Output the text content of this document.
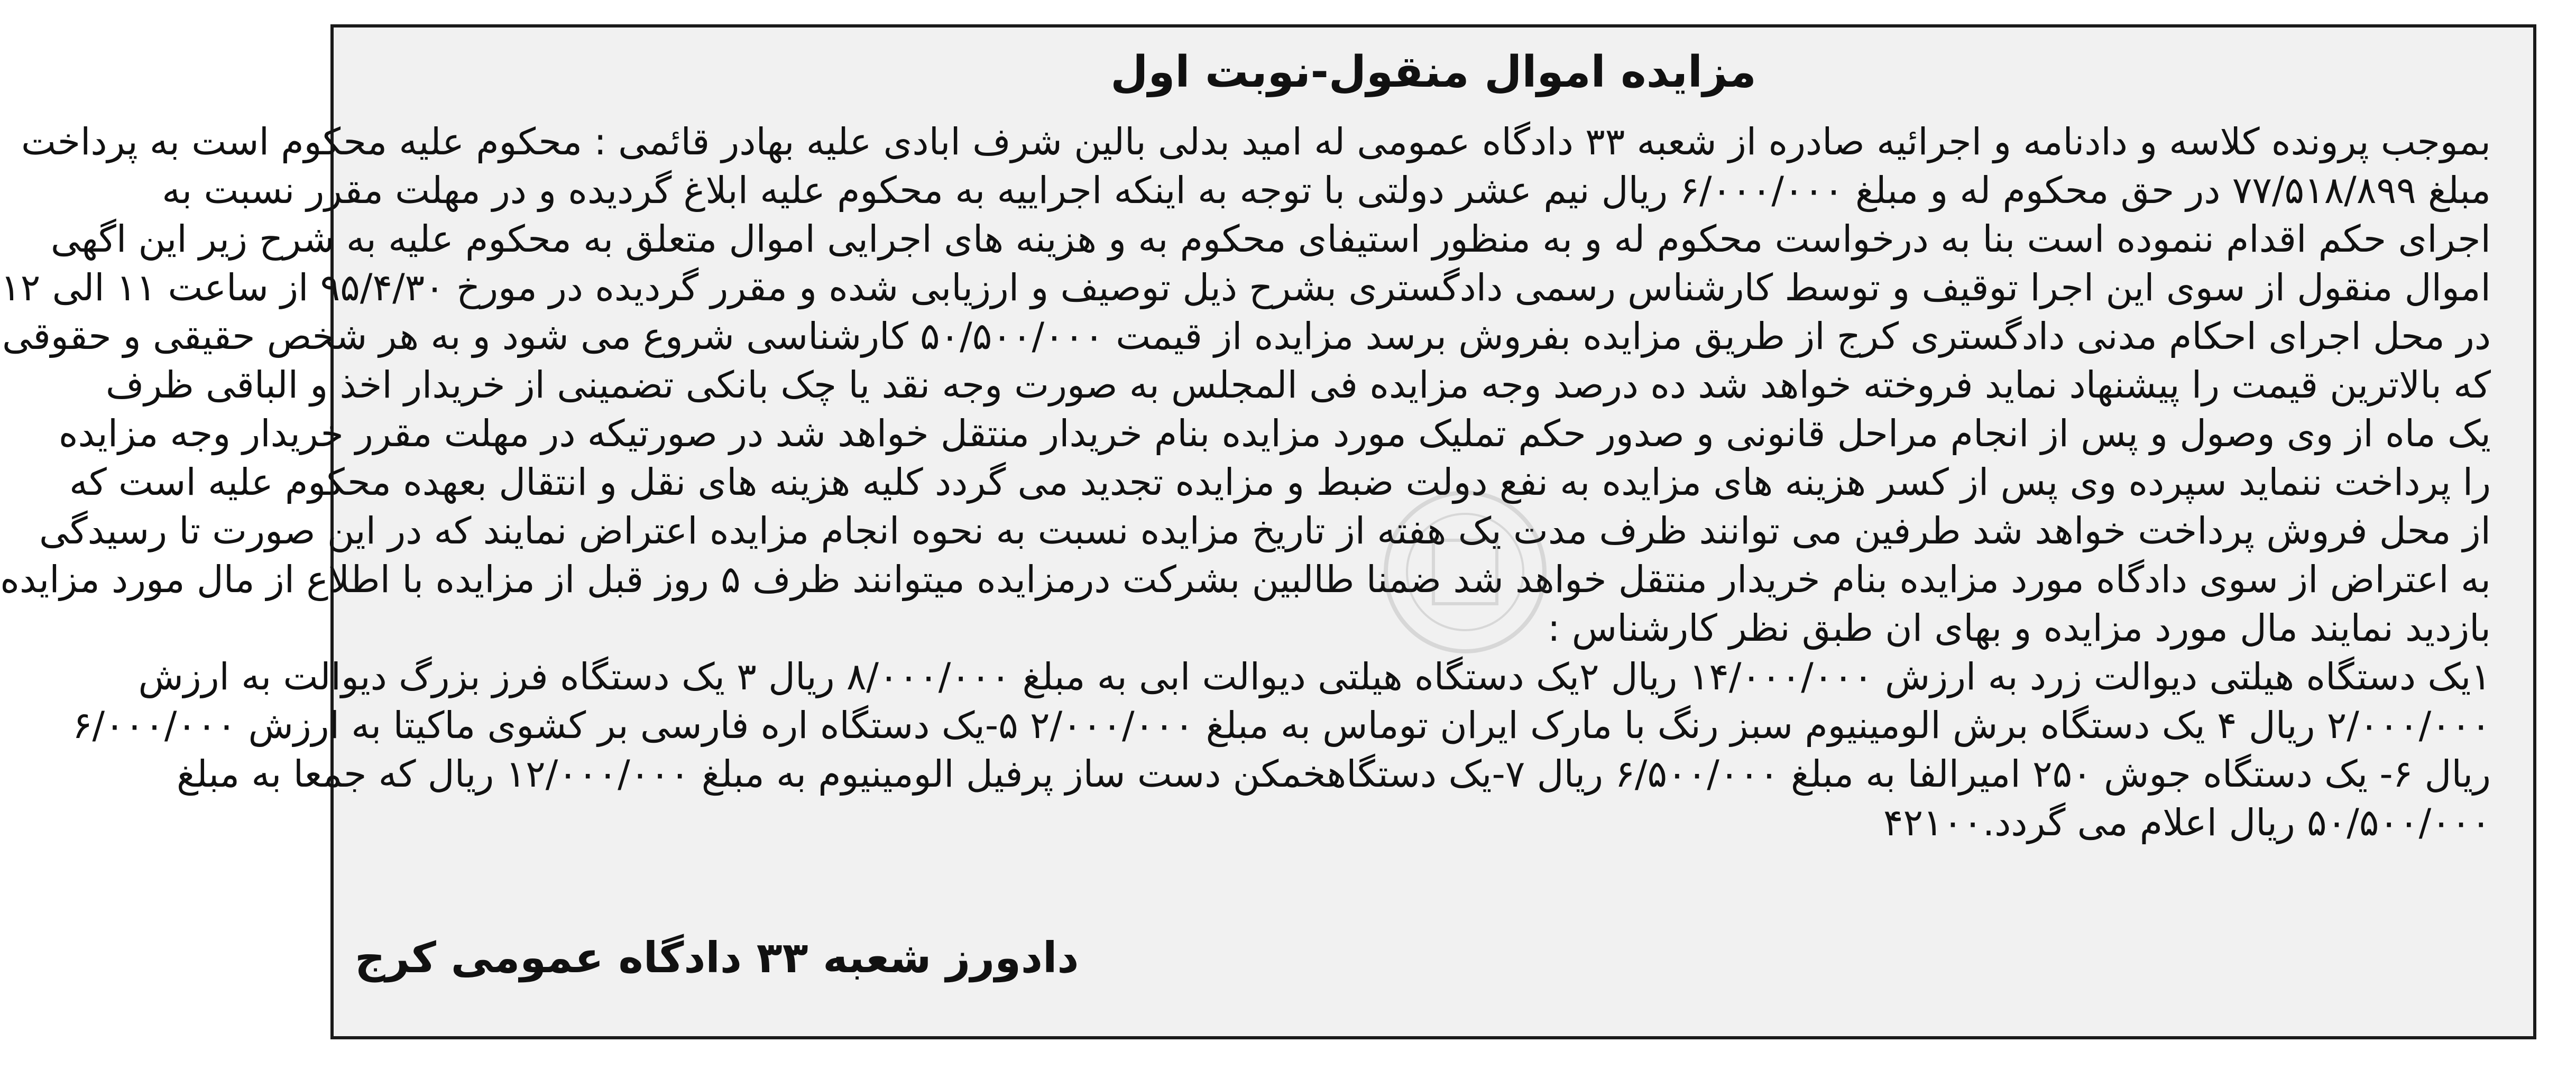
مزایده اموال منقول-نوبت اول
بموجب پرونده کلاسه و دادنامه و اجرائیه صادره از شعبه ۳۳ دادگاه عمومی له امید بدلی بالین شرف ابادی علیه بهادر قائمی : محکوم علیه محکوم است به پرداخت
مبلغ ۷۷/۵۱۸/۸۹۹ در حق محکوم له و مبلغ ۶/۰۰۰/۰۰۰ ریال نیم عشر دولتی با توجه به اینکه اجراییه به محکوم علیه ابلاغ گردیده و در مهلت مقرر نسبت به
اجرای حکم اقدام ننموده است بنا به درخواست محکوم له و به منظور استیفای محکوم به و هزینه های اجرایی اموال متعلق به محکوم علیه به شرح زیر این اگهی
اموال منقول از سوی این اجرا توقیف و توسط کارشناس رسمی دادگستری بشرح ذیل توصیف و ارزیابی شده و مقرر گردیده در مورخ ۹۵/۴/۳۰ از ساعت ۱۱ الی ۱۲
در محل اجرای احکام مدنی دادگستری کرج از طریق مزایده بفروش برسد مزایده از قیمت ۵۰/۵۰۰/۰۰۰ کارشناسی شروع می شود و به هر شخص حقیقی و حقوقی
که بالاترین قیمت را پیشنهاد نماید فروخته خواهد شد ده درصد وجه مزایده فی المجلس به صورت وجه نقد یا چک بانکی تضمینی از خریدار اخذ و الباقی ظرف
یک ماه از وی وصول و پس از انجام مراحل قانونی و صدور حکم تملیک مورد مزایده بنام خریدار منتقل خواهد شد در صورتیکه در مهلت مقرر خریدار وجه مزایده
را پرداخت ننماید سپرده وی پس از کسر هزینه های مزایده به نفع دولت ضبط و مزایده تجدید می گردد کلیه هزینه های نقل و انتقال بعهده محکوم علیه است که
از محل فروش پرداخت خواهد شد طرفین می توانند ظرف مدت یک هفته از تاریخ مزایده نسبت به نحوه انجام مزایده اعتراض نمایند که در این صورت تا رسیدگی
به اعتراض از سوی دادگاه مورد مزایده بنام خریدار منتقل خواهد شد ضمنا طالبین بشرکت درمزایده میتوانند ظرف ۵ روز قبل از مزایده با اطلاع از مال مورد مزایده
بازدید نمایند مال مورد مزایده و بهای ان طبق نظر کارشناس :
۱یک دستگاه هیلتی دیوالت زرد به ارزش ۱۴/۰۰۰/۰۰۰ ریال ۲یک دستگاه هیلتی دیوالت ابی به مبلغ ۸/۰۰۰/۰۰۰ ریال ۳ یک دستگاه فرز بزرگ دیوالت به ارزش
۲/۰۰۰/۰۰۰ ریال ۴ یک دستگاه برش الومینیوم سبز رنگ با مارک ایران توماس به مبلغ ۲/۰۰۰/۰۰۰ ۵-یک دستگاه اره فارسی بر کشوی ماکیتا به ارزش ۶/۰۰۰/۰۰۰
ریال ۶- یک دستگاه جوش ۲۵۰ امیرالفا به مبلغ ۶/۵۰۰/۰۰۰ ریال ۷-یک دستگاهخمکن دست ساز پرفیل الومینیوم به مبلغ ۱۲/۰۰۰/۰۰۰ ریال که جمعا به مبلغ
۵۰/۵۰۰/۰۰۰ ریال اعلام می گردد.۴۲۱۰۰
دادورز شعبه ۳۳ دادگاه عمومی کرج
